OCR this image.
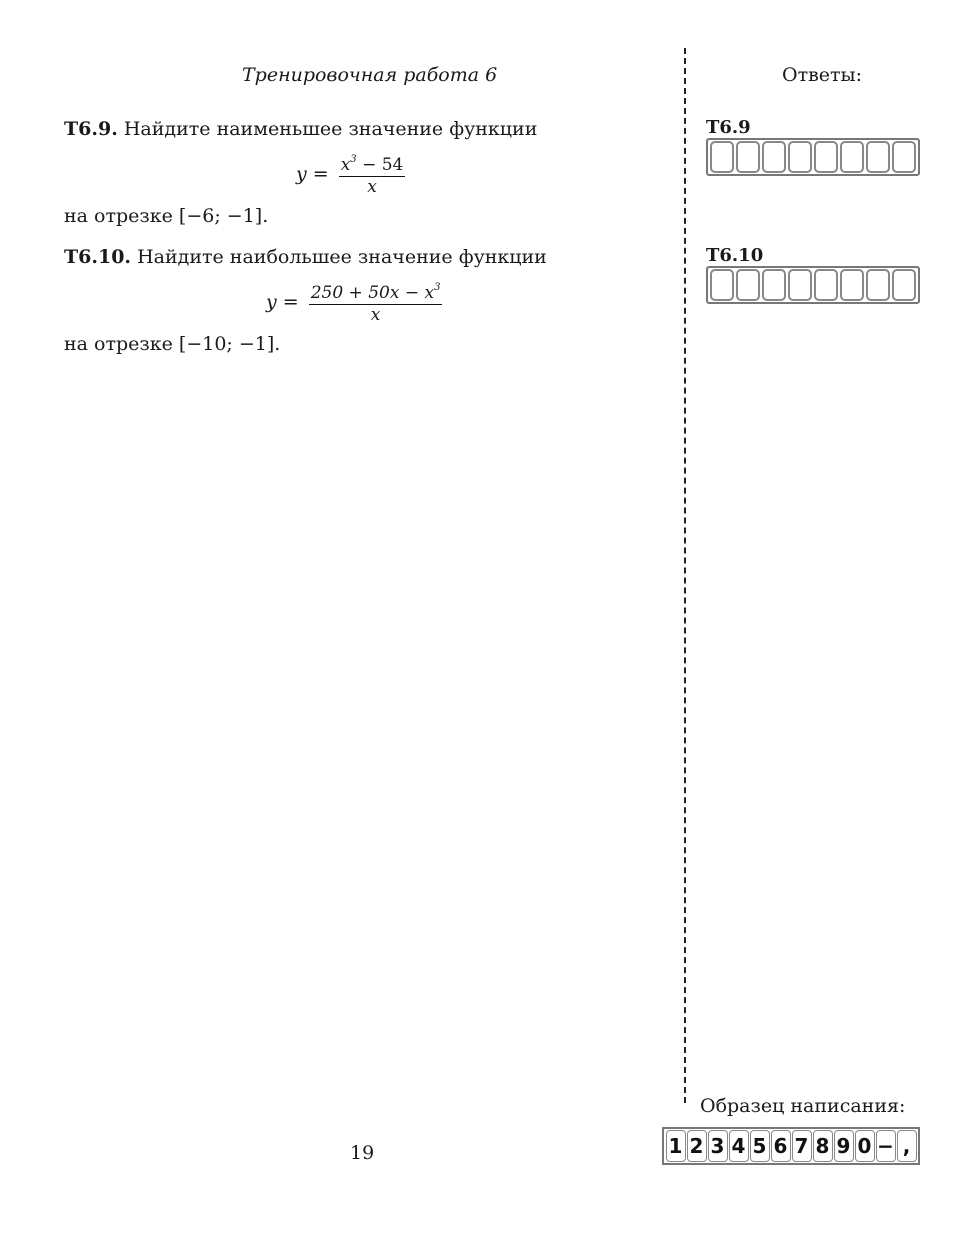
Тренировочная работа 6	Ответы:
Т6.9. Найдите наименьшее значение функции
$y = \frac{x^3 - 54}{x}$
на отрезке [−6; −1].
Т6.10. Найдите наибольшее значение функции
$y = \frac{250 + 50x - x^3}{x}$
на отрезке [−10; −1].
Т6.9
Т6.10
Образец написания:
1 2 3 4 5 6 7 8 9 0 − ,
19
